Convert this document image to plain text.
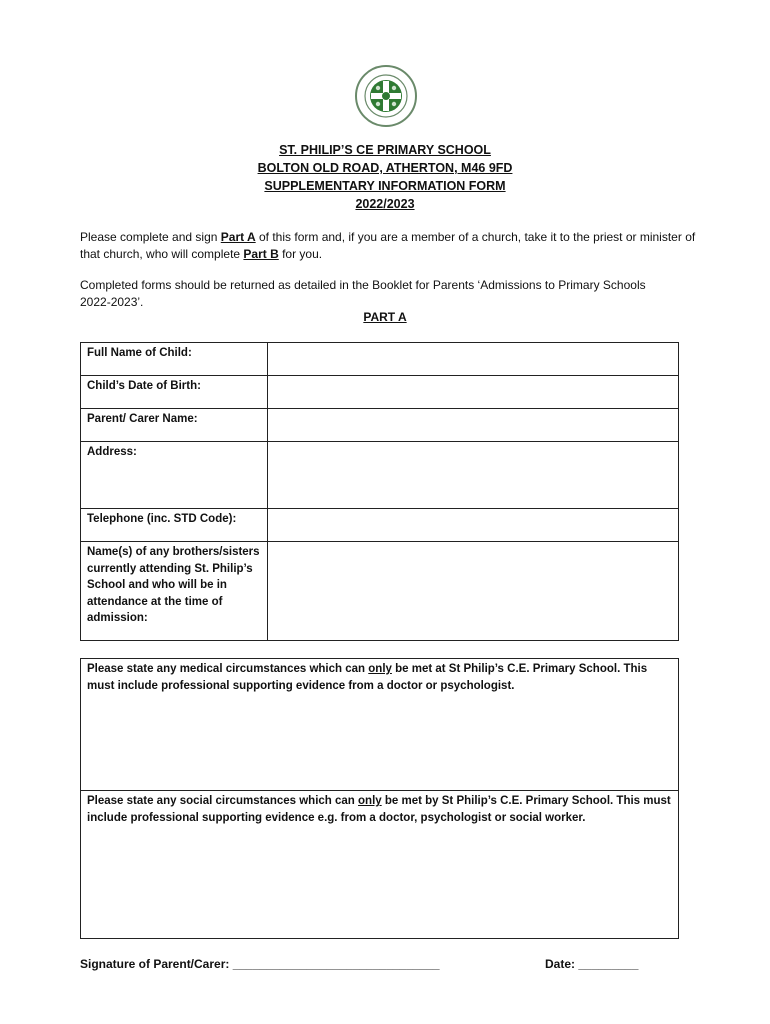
ST. PHILIP’S CE PRIMARY SCHOOL
BOLTON OLD ROAD, ATHERTON, M46 9FD
SUPPLEMENTARY INFORMATION FORM
2022/2023
Please complete and sign Part A of this form and, if you are a member of a church, take it to the priest or minister of that church, who will complete Part B for you.
Completed forms should be returned as detailed in the Booklet for Parents ‘Admissions to Primary Schools 2022-2023’.
PART A
Full Name of Child:	
Child’s Date of Birth:	
Parent/ Carer Name:	
Address:	
Telephone (inc. STD Code):	
Name(s) of any brothers/sisters currently attending St. Philip’s School and who will be in attendance at the time of admission:	
Please state any medical circumstances which can only be met at St Philip’s C.E. Primary School. This must include professional supporting evidence from a doctor or psychologist.
Please state any social circumstances which can only be met by St Philip’s C.E. Primary School. This must include professional supporting evidence e.g. from a doctor, psychologist or social worker.
Signature of Parent/Carer: _______________________________	Date: _________
